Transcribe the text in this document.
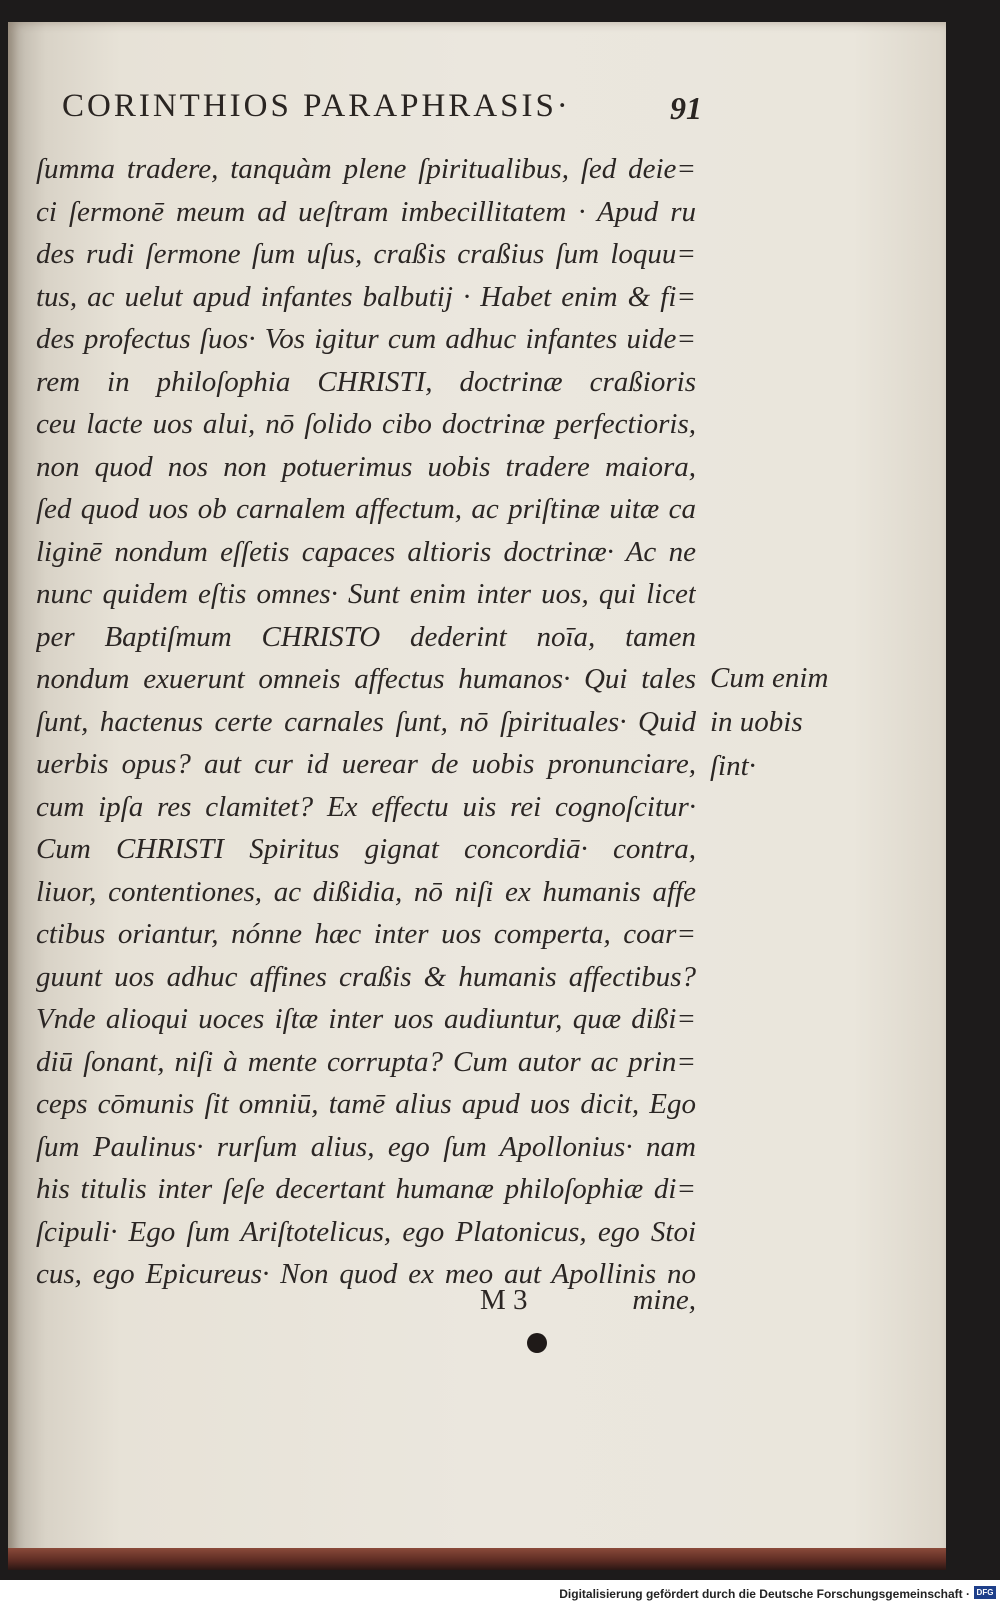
CORINTHIOS PARAPHRASIS·	91
ſumma tradere, tanquàm plene ſpiritualibus, ſed deie=
ci ſermonē meum ad ueſtram imbecillitatem · Apud ru
des rudi ſermone ſum uſus, craßis craßius ſum loquu=
tus, ac uelut apud infantes balbutij · Habet enim & fi=
des profectus ſuos· Vos igitur cum adhuc infantes uide=
rem in philoſophia CHRISTI, doctrinæ craßioris
ceu lacte uos alui, nō ſolido cibo doctrinæ perfectioris,
non quod nos non potuerimus uobis tradere maiora,
ſed quod uos ob carnalem affectum, ac priſtinæ uitæ ca
liginē nondum eſſetis capaces altioris doctrinæ· Ac ne
nunc quidem eſtis omnes· Sunt enim inter uos, qui licet
per Baptiſmum CHRISTO dederint noīa, tamen
nondum exuerunt omneis affectus humanos· Qui tales
ſunt, hactenus certe carnales ſunt, nō ſpirituales· Quid
uerbis opus? aut cur id uerear de uobis pronunciare,
cum ipſa res clamitet? Ex effectu uis rei cognoſcitur·
Cum CHRISTI Spiritus gignat concordiā· contra,
liuor, contentiones, ac dißidia, nō niſi ex humanis affe
ctibus oriantur, nónne hæc inter uos comperta, coar=
guunt uos adhuc affines craßis & humanis affectibus?
Vnde alioqui uoces iſtæ inter uos audiuntur, quæ dißi=
diū ſonant, niſi à mente corrupta? Cum autor ac prin=
ceps cōmunis ſit omniū, tamē alius apud uos dicit, Ego
ſum Paulinus· rurſum alius, ego ſum Apollonius· nam
his titulis inter ſeſe decertant humanæ philoſophiæ di=
ſcipuli· Ego ſum Ariſtotelicus, ego Platonicus, ego Stoi
cus, ego Epicureus· Non quod ex meo aut Apollinis no
M 3	mine,
Cum enim
in uobis
ſint·
Digitalisierung gefördert durch die Deutsche Forschungsgemeinschaft · DFG
